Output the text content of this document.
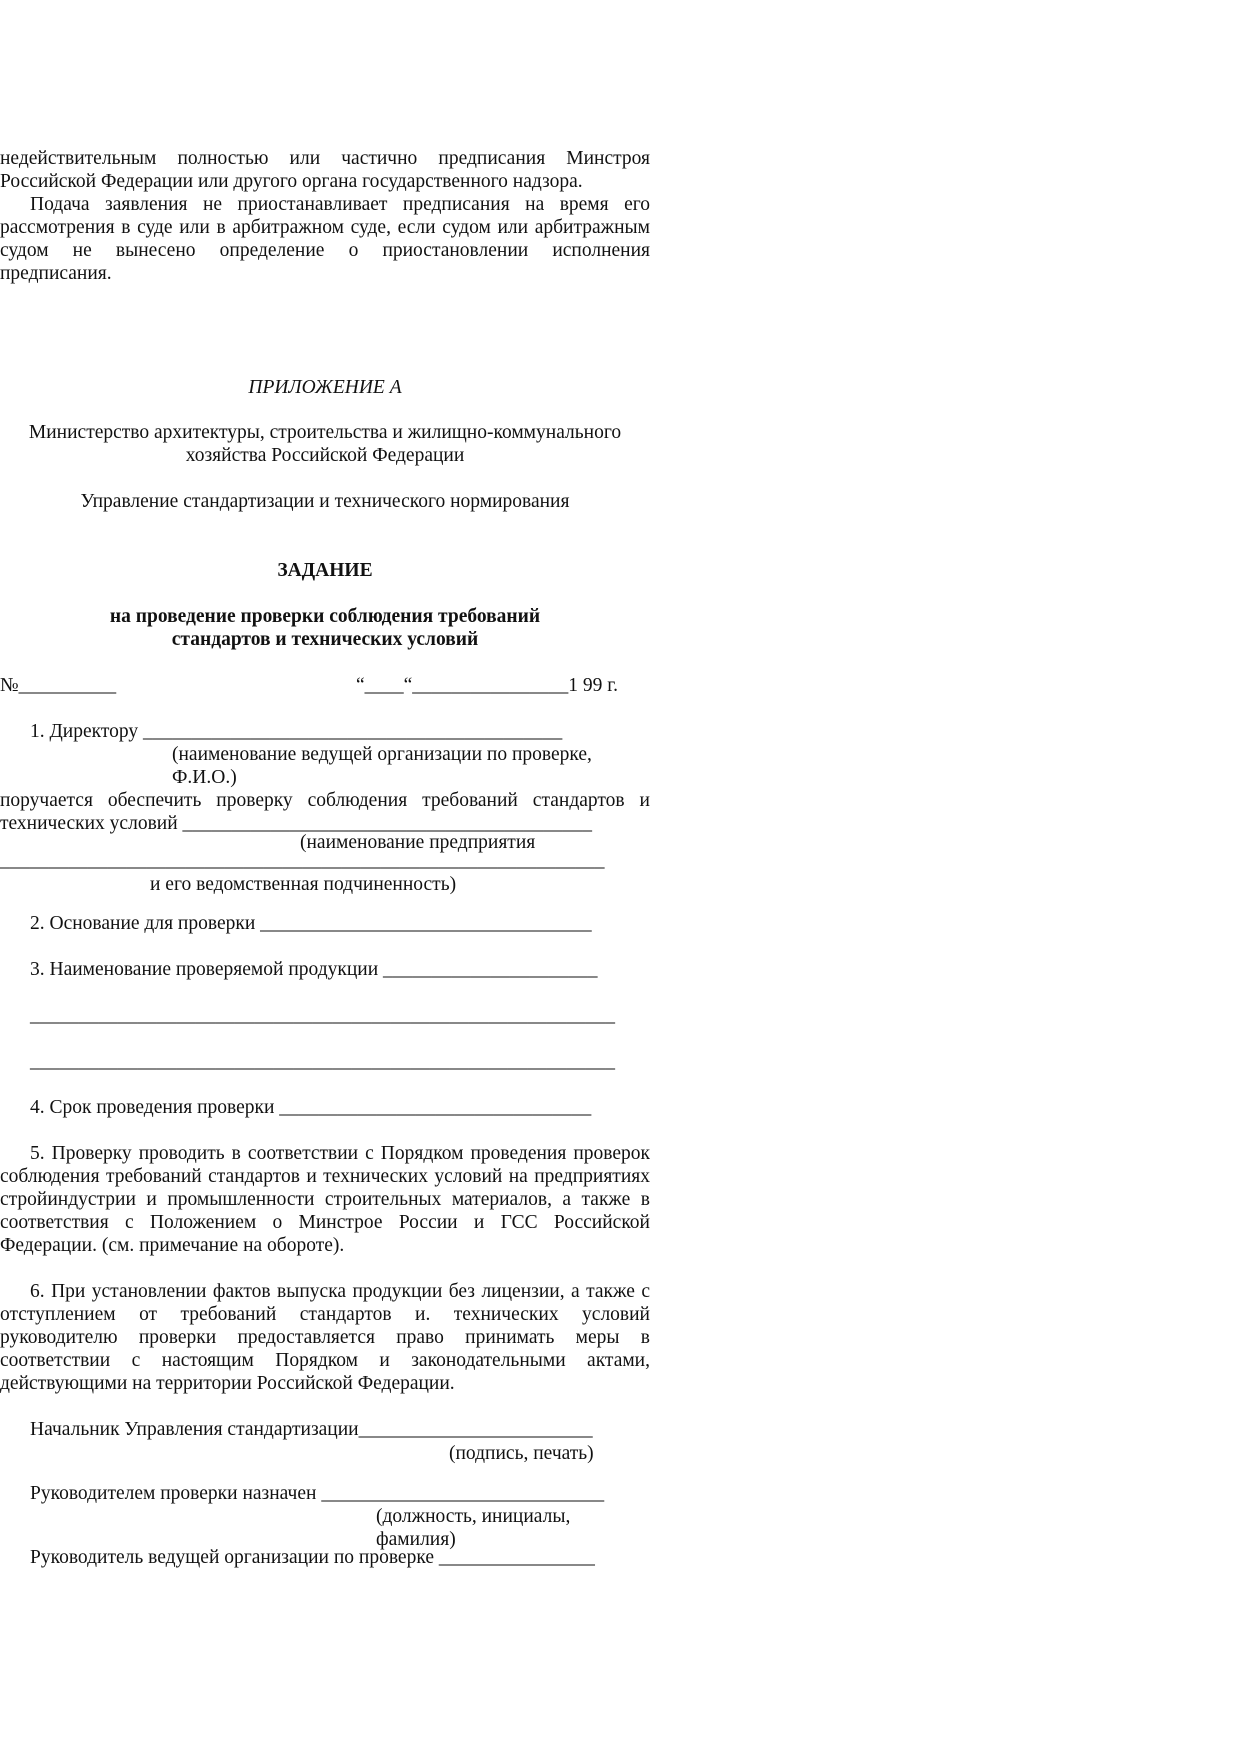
недействительным полностью или частично предписания Минстроя Российской Федерации или другого органа государственного надзора.

Подача заявления не приостанавливает предписания на время его рассмотрения в суде или в арбитражном суде, если судом или арбитражным судом не вынесено определение о приостановлении исполнения предписания.

ПРИЛОЖЕНИЕ А
Министерство архитектуры, строительства и жилищно-коммунального
хозяйства Российской Федерации
Управление стандартизации и технического нормирования
ЗАДАНИЕ
на проведение проверки соблюдения требований
стандартов и технических условий
№__________	“____“________________1 99 г.
1. Директору ___________________________________________
(наименование ведущей организации по проверке, Ф.И.О.)
поручается обеспечить проверку соблюдения требований стандартов и
технических условий __________________________________________
(наименование предприятия
______________________________________________________________
и его ведомственная подчиненность)
2. Основание для проверки __________________________________
3. Наименование проверяемой продукции ______________________
____________________________________________________________
____________________________________________________________
4. Срок проведения проверки ________________________________
5. Проверку проводить в соответствии с Порядком проведения проверок соблюдения требований стандартов и технических условий на предприятиях стройиндустрии и промышленности строительных материалов, а также в соответствия с Положением о Минстрое России и ГСС Российской Федерации. (см. примечание на обороте).
6. При установлении фактов выпуска продукции без лицензии, а также с отступлением от требований стандартов и. технических условий руководителю проверки предоставляется право принимать меры в соответствии с настоящим Порядком и законодательными актами, действующими на территории Российской Федерации.
Начальник Управления стандартизации________________________
(подпись, печать)
Руководителем проверки назначен _____________________________
(должность, инициалы, фамилия)
Руководитель ведущей организации по проверке ________________
